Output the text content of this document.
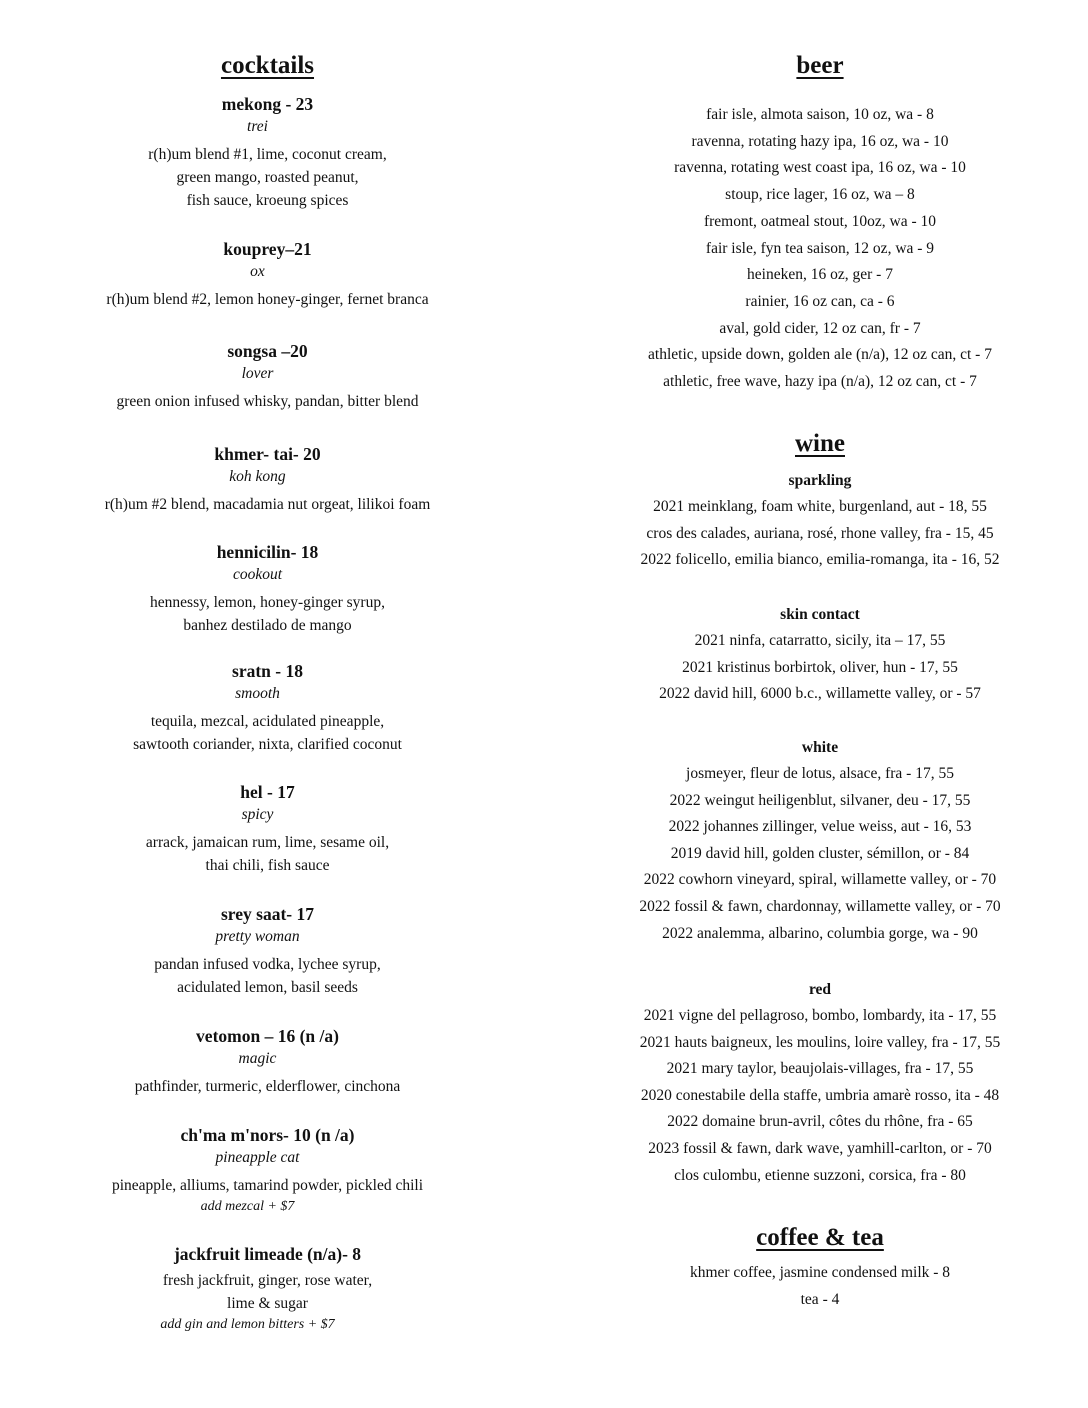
cocktails
mekong - 23
trei
r(h)um blend #1, lime, coconut cream,
green mango, roasted peanut,
fish sauce, kroeung spices
kouprey–21
ox
r(h)um blend #2, lemon honey-ginger, fernet branca
songsa –20
lover
green onion infused whisky, pandan, bitter blend
khmer- tai- 20
koh kong
r(h)um #2 blend, macadamia nut orgeat, lilikoi foam
hennicilin- 18
cookout
hennessy, lemon, honey-ginger syrup,
banhez destilado de mango
sratn - 18
smooth
tequila, mezcal, acidulated pineapple,
sawtooth coriander, nixta, clarified coconut
hel - 17
spicy
arrack, jamaican rum, lime, sesame oil,
thai chili, fish sauce
srey saat- 17
pretty woman
pandan infused vodka, lychee syrup,
acidulated lemon, basil seeds
vetomon – 16 (n /a)
magic
pathfinder, turmeric, elderflower, cinchona
ch'ma m'nors- 10 (n /a)
pineapple cat
pineapple, alliums, tamarind powder, pickled chili
add mezcal + $7
jackfruit limeade (n/a)- 8
fresh jackfruit, ginger, rose water,
lime & sugar
add gin and lemon bitters + $7
beer
fair isle, almota saison, 10 oz, wa - 8
ravenna, rotating hazy ipa, 16 oz, wa - 10
ravenna, rotating west coast ipa, 16 oz, wa - 10
stoup, rice lager, 16 oz, wa – 8
fremont, oatmeal stout, 10oz, wa - 10
fair isle, fyn tea saison, 12 oz, wa - 9
heineken, 16 oz, ger - 7
rainier, 16 oz can, ca - 6
aval, gold cider, 12 oz can, fr - 7
athletic, upside down, golden ale (n/a), 12 oz can, ct - 7
athletic, free wave, hazy ipa (n/a), 12 oz can, ct - 7
wine
sparkling
2021 meinklang, foam white, burgenland, aut - 18, 55
cros des calades, auriana, rosé, rhone valley, fra - 15, 45
2022 folicello, emilia bianco, emilia-romanga, ita - 16, 52
skin contact
2021 ninfa, catarratto, sicily, ita – 17, 55
2021 kristinus borbirtok, oliver, hun - 17, 55
2022 david hill, 6000 b.c., willamette valley, or - 57
white
josmeyer, fleur de lotus, alsace, fra - 17, 55
2022 weingut heiligenblut, silvaner, deu - 17, 55
2022 johannes zillinger, velue weiss, aut - 16, 53
2019 david hill, golden cluster, sémillon, or - 84
2022 cowhorn vineyard, spiral, willamette valley, or - 70
2022 fossil & fawn, chardonnay, willamette valley, or - 70
2022 analemma, albarino, columbia gorge, wa - 90
red
2021 vigne del pellagroso, bombo, lombardy, ita - 17, 55
2021 hauts baigneux, les moulins, loire valley, fra - 17, 55
2021 mary taylor, beaujolais-villages, fra - 17, 55
2020 conestabile della staffe, umbria amarè rosso, ita - 48
2022 domaine brun-avril, côtes du rhône, fra - 65
2023 fossil & fawn, dark wave, yamhill-carlton, or - 70
clos culombu, etienne suzzoni, corsica, fra - 80
coffee & tea
khmer coffee, jasmine condensed milk - 8
tea - 4
